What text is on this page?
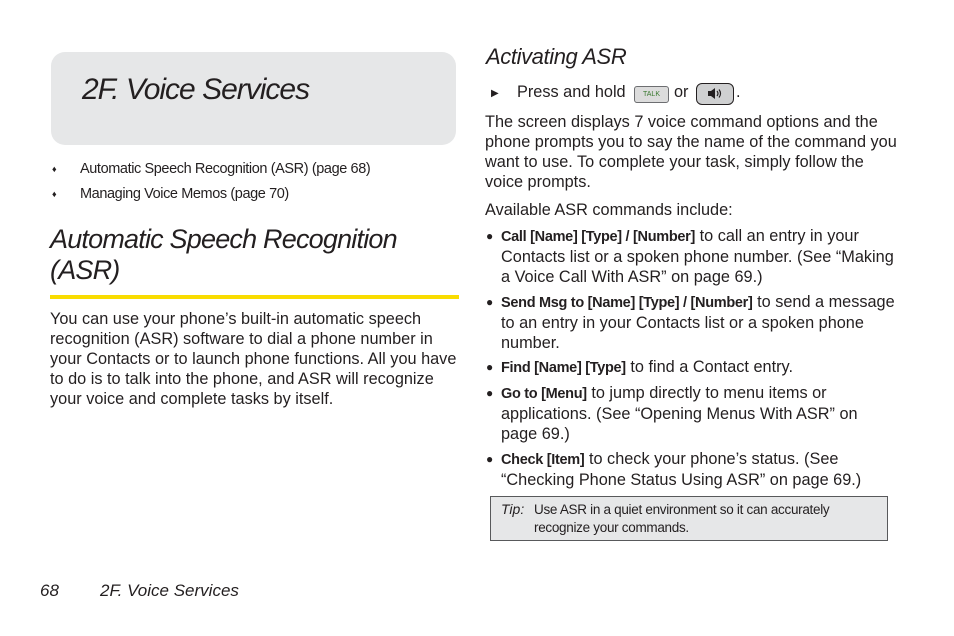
2F. Voice Services
♦ Automatic Speech Recognition (ASR) (page 68)
♦ Managing Voice Memos (page 70)
Automatic Speech Recognition (ASR)
You can use your phone’s built-in automatic speech recognition (ASR) software to dial a phone number in your Contacts or to launch phone functions. All you have to do is to talk into the phone, and ASR will recognize your voice and complete tasks by itself.
Activating ASR
▶ Press and hold	TALK or	.
The screen displays 7 voice command options and the phone prompts you to say the name of the command you want to use. To complete your task, simply follow the voice prompts.
Available ASR commands include:
● Call [Name] [Type] / [Number] to call an entry in your Contacts list or a spoken phone number. (See “Making a Voice Call With ASR” on page 69.)
● Send Msg to [Name] [Type] / [Number] to send a message to an entry in your Contacts list or a spoken phone number.
● Find [Name] [Type] to find a Contact entry.
● Go to [Menu] to jump directly to menu items or applications. (See “Opening Menus With ASR” on page 69.)
● Check [Item] to check your phone’s status. (See “Checking Phone Status Using ASR” on page 69.)
Tip: Use ASR in a quiet environment so it can accurately recognize your commands.
68 2F. Voice Services
